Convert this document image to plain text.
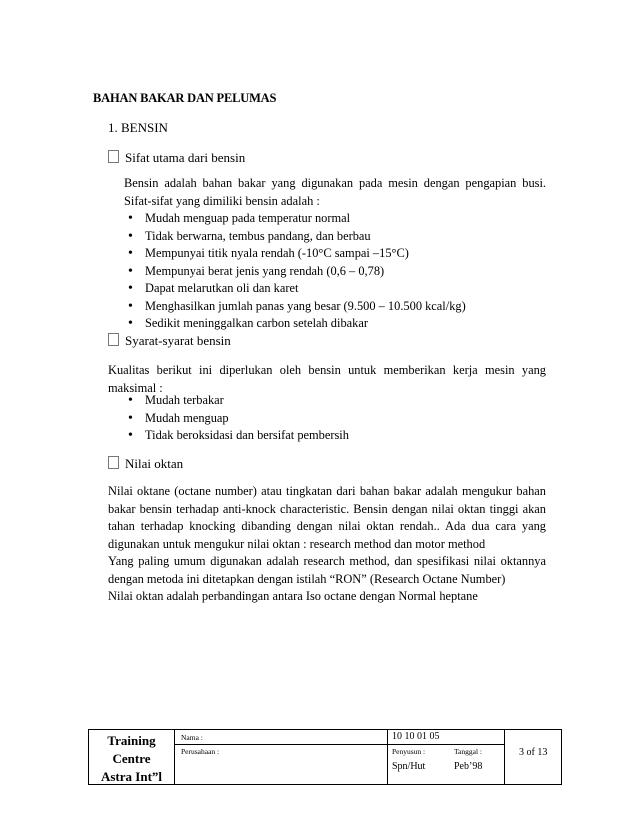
BAHAN BAKAR DAN PELUMAS
1. BENSIN
Sifat utama dari bensin

Bensin adalah bahan bakar yang digunakan pada mesin dengan pengapian busi.

Sifat-sifat yang dimiliki bensin adalah :

• Mudah menguap pada temperatur normal
• Tidak berwarna, tembus pandang, dan berbau
• Mempunyai titik nyala rendah (-10°C sampai –15°C)
• Mempunyai berat jenis yang rendah (0,6 – 0,78)
• Dapat melarutkan oli dan karet
• Menghasilkan jumlah panas yang besar (9.500 – 10.500 kcal/kg)
• Sedikit meninggalkan carbon setelah dibakar
Syarat-syarat bensin
Kualitas berikut ini diperlukan oleh bensin untuk memberikan kerja mesin yang maksimal :
• Mudah terbakar
• Mudah menguap
• Tidak beroksidasi dan bersifat pembersih
Nilai oktan

Nilai oktane (octane number) atau tingkatan dari bahan bakar adalah mengukur bahan bakar bensin terhadap anti-knock characteristic. Bensin dengan nilai oktan tinggi akan tahan terhadap knocking dibanding dengan nilai oktan rendah.. Ada dua cara yang digunakan untuk mengukur nilai oktan : research method dan motor method

Yang paling umum digunakan adalah research method, dan spesifikasi nilai oktannya dengan metoda ini ditetapkan dengan istilah “RON” (Research Octane Number)

Nilai oktan adalah perbandingan antara Iso octane dengan Normal heptane

Training
Centre
Astra Int”l
Nama :
Perusahaan :
10 10 01 05
Penyusun :	Tanggal :
Spn/Hut	Peb’98
3 of 13
